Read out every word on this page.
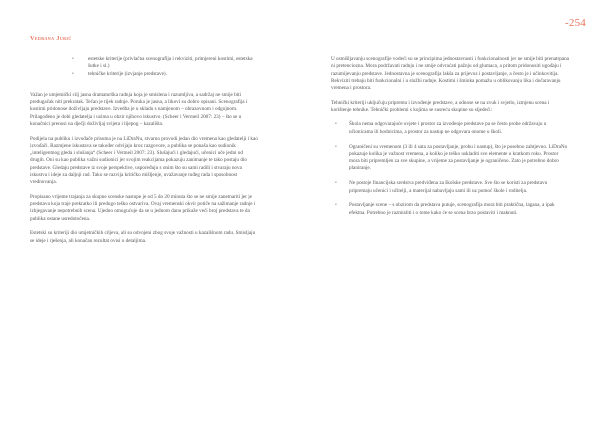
-254
Vedrana Jurić
• estetske kriterije (privlačna scenografija i rekviziti, primjereni kostimi, estetska šutke i sl.)
• tehničke kriterije (izvjanje predstave).

Važan je umjetnički cilj jasna dramaturška radnja koja je smislena i razumljiva, a sadržaj ne smije biti predugačak niti prekratak. Tečan je tijek radnje. Poruka je jasna, a likovi su dobro opisani. Scenografija i kostimi pridonose doživljaju predstave. Izvedba je u skladu s namjenom – obrazovnom i odgojnom. Prilagođeno je dobi gledatelja i uzima u obzir njihovo iskustvo. (Scheer i Vermeil 2007: 23) – što se u konačnici prenosi na dječji doživljaj svijeta i lijepog – kazališta.

Podijela na publiku i izvođače prisutna je na LiDraNu, stvarno provodi jedan dio vremena kao gledatelji i kao izvođači. Razmjene iskustava se također odvijaju kroz razgovore, a publika se ponaša kao sudionik „inteligentnog gleda i slušanja“ (Scheer i Vermeil 2007: 23). Slušajući i gledajući, učenici uče jedni od drugih. Oni su kao publika važni sudionici jer svojim reakcijama pokazuju zanimanje te tako postaju dio predstave. Gledaju predstave iz svoje perspektive, uspoređuju s onim što su sami radili i stvaraju nova iskustva i ideje za daljnji rad. Tako se razvija kritičko mišljenje, uvažavanje tuđeg rada i sposobnost vrednovanja.

Propisano vrijeme trajanja za skupne scenske nastupe je od 5 do 20 minuta što se ne smije zanemariti jer je predstava koja traje prekratko ili predugo teško ostvariva. Ovaj vremenski okvir potiče na sažimanje radnje i izbjegavanje nepotrebnih scena. Ujedno omogućuje da se u jednom danu prikaže veći broj predstava te da publika ostane usredotočena.

Estetski su kriteriji dio umjetničkih ciljeva, ali su odvojeni zbog svoje važnosti u kazališnom radu. Smisljaju se ideje i rješenja, ali konačan rezultat ovisi o detaljima.

U osmišljavanju scenografije vodeći su se principima jednostavnosti i funkcionalnosti jer ne smije biti prenatrpana ni pretenciozna. Mora podržavati radnju i ne smije odvraćati pažnju od glumaca, a pritom pridonositi ugođaju i razumijevanju predstave. Jednostavna je scenografija lakša za prijevoz i postavljanje, a često je i učinkovitija. Rekviziti trebaju biti funkcionalni i u službi radnje. Kostimi i šminka pomažu u oblikovanju lika i dočaravanju vremena i prostora.

Tehnički kriteriji uključuju pripremu i izvođenje predstave, a odnose se na zvuk i svjetlo, izmjenu scena i korištenje tehnike. Tehnički problemi s kojima se susreću skupine su sljedeći:

• Škola nema odgovarajuće uvjete i prostor za izvođenje predstave pa se često probe održavaju u učionicama ili hodnicima, a prostor za nastup ne odgovara onome u školi.
• Ograničeni su vremenom (3 ili 4 sata za postavljanje, probu i nastup), što je posebno zahtjevno. LiDraNo pokazuje kolika je važnost vremena, a koliko je teško uskladiti sve elemente u kratkom roku. Prostor mora biti pripremljen za sve skupine, a vrijeme za postavljanje je ograničeno. Zato je potrebno dobro planiranje.
• Ne postoje financijska sredstva predviđena za školske predstave. Sve što se koristi za predstavu pripremaju učenici i učitelji, a materijal nabavljaju sami ili uz pomoć škole i roditelja.
• Postavljanje scene – s obzirom da predstava putuje, scenografija mora biti praktična, lagana, a ipak efektna. Potrebno je razmisliti i o tome kako će se scena brzo postaviti i maknuti.
